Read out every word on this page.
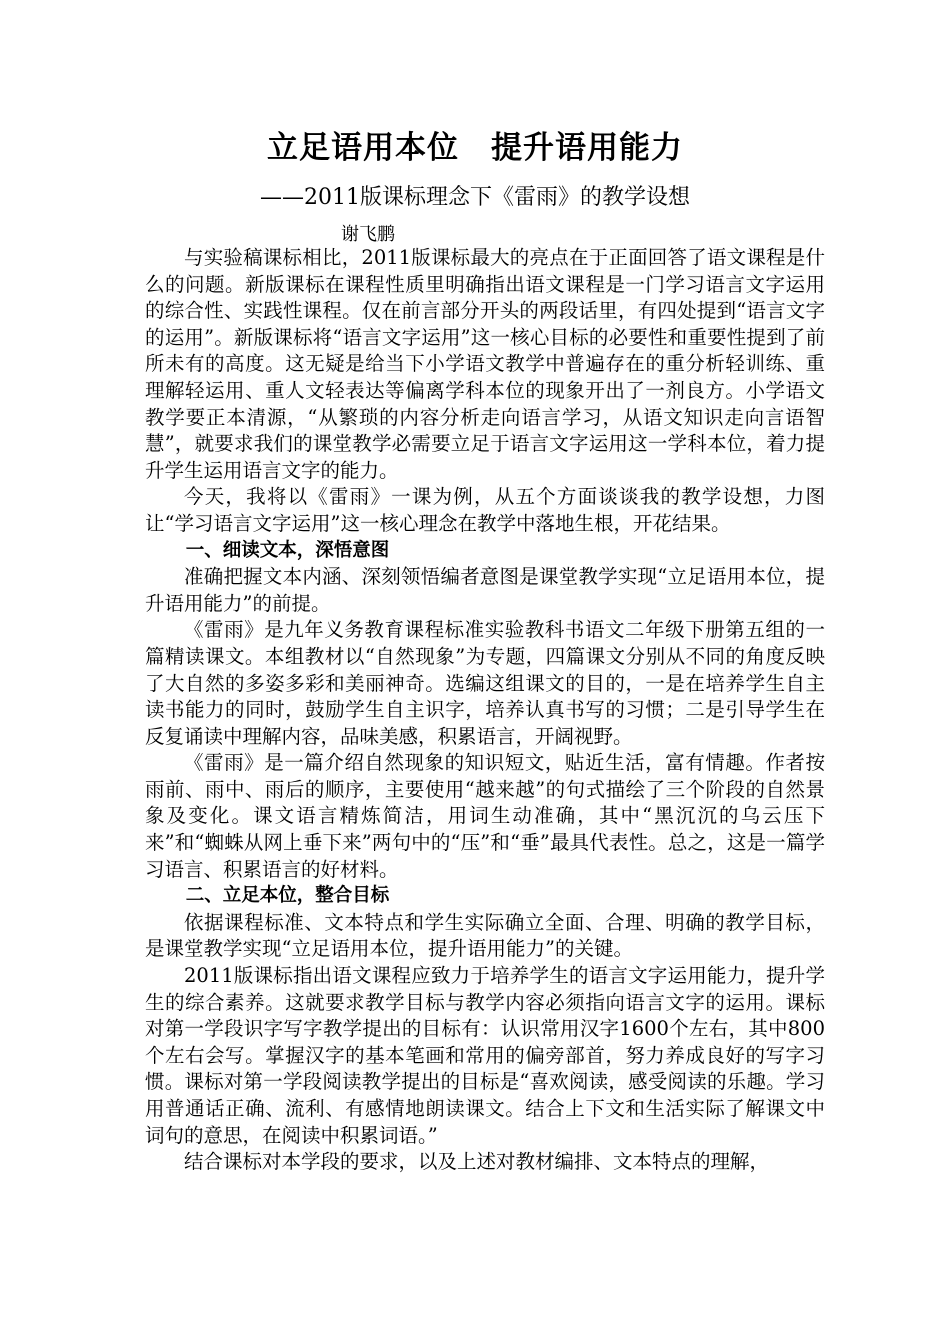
立足语用本位　提升语用能力
——2011版课标理念下《雷雨》的教学设想
谢飞鹏

与实验稿课标相比，2011版课标最大的亮点在于正面回答了语文课程是什么的问题。新版课标在课程性质里明确指出语文课程是一门学习语言文字运用的综合性、实践性课程。仅在前言部分开头的两段话里，有四处提到“语言文字的运用”。新版课标将“语言文字运用”这一核心目标的必要性和重要性提到了前所未有的高度。这无疑是给当下小学语文教学中普遍存在的重分析轻训练、重理解轻运用、重人文轻表达等偏离学科本位的现象开出了一剂良方。小学语文教学要正本清源，“从繁琐的内容分析走向语言学习，从语文知识走向言语智慧”，就要求我们的课堂教学必需要立足于语言文字运用这一学科本位，着力提升学生运用语言文字的能力。

今天，我将以《雷雨》一课为例，从五个方面谈谈我的教学设想，力图让“学习语言文字运用”这一核心理念在教学中落地生根，开花结果。

一、细读文本，深悟意图

准确把握文本内涵、深刻领悟编者意图是课堂教学实现“立足语用本位，提升语用能力”的前提。

《雷雨》是九年义务教育课程标准实验教科书语文二年级下册第五组的一篇精读课文。本组教材以“自然现象”为专题，四篇课文分别从不同的角度反映了大自然的多姿多彩和美丽神奇。选编这组课文的目的，一是在培养学生自主读书能力的同时，鼓励学生自主识字，培养认真书写的习惯；二是引导学生在反复诵读中理解内容，品味美感，积累语言，开阔视野。

《雷雨》是一篇介绍自然现象的知识短文，贴近生活，富有情趣。作者按雨前、雨中、雨后的顺序，主要使用“越来越”的句式描绘了三个阶段的自然景象及变化。课文语言精炼简洁，用词生动准确，其中“黑沉沉的乌云压下来”和“蜘蛛从网上垂下来”两句中的“压”和“垂”最具代表性。总之，这是一篇学习语言、积累语言的好材料。

二、立足本位，整合目标

依据课程标准、文本特点和学生实际确立全面、合理、明确的教学目标，是课堂教学实现“立足语用本位，提升语用能力”的关键。

2011版课标指出语文课程应致力于培养学生的语言文字运用能力，提升学生的综合素养。这就要求教学目标与教学内容必须指向语言文字的运用。课标对第一学段识字写字教学提出的目标有：认识常用汉字1600个左右，其中800个左右会写。掌握汉字的基本笔画和常用的偏旁部首，努力养成良好的写字习惯。课标对第一学段阅读教学提出的目标是“喜欢阅读，感受阅读的乐趣。学习用普通话正确、流利、有感情地朗读课文。结合上下文和生活实际了解课文中词句的意思，在阅读中积累词语。”

结合课标对本学段的要求，以及上述对教材编排、文本特点的理解，
